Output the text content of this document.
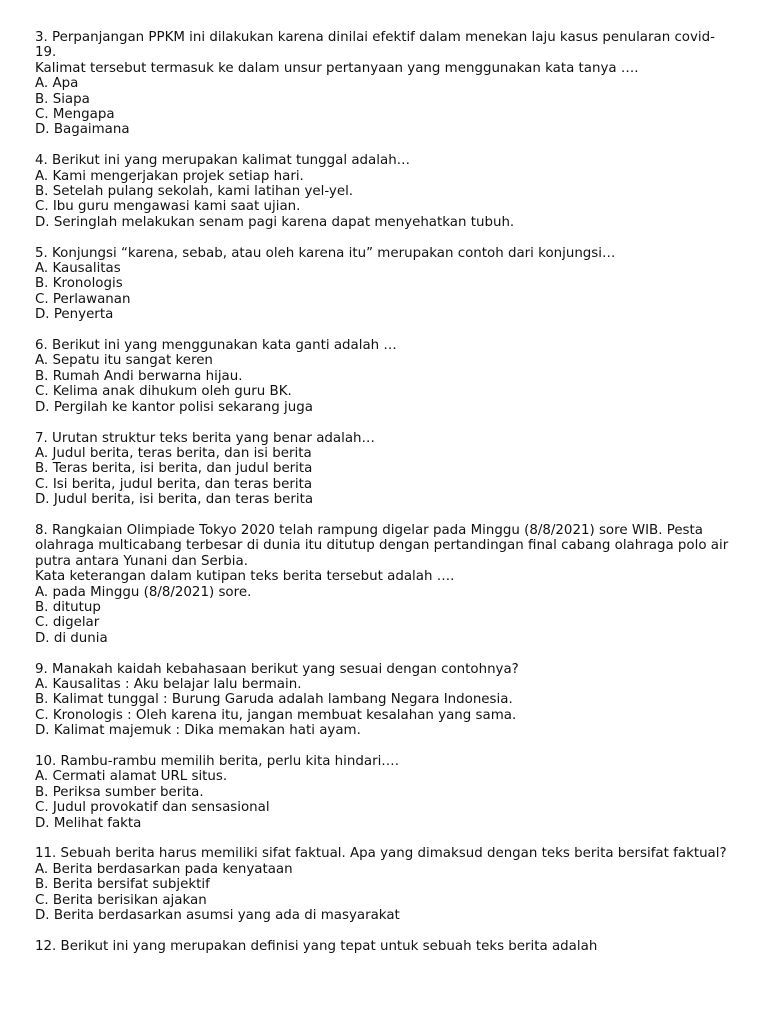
3. Perpanjangan PPKM ini dilakukan karena dinilai efektif dalam menekan laju kasus penularan covid-19.
Kalimat tersebut termasuk ke dalam unsur pertanyaan yang menggunakan kata tanya ….
A. Apa
B. Siapa
C. Mengapa
D. Bagaimana
4. Berikut ini yang merupakan kalimat tunggal adalah…
A. Kami mengerjakan projek setiap hari.
B. Setelah pulang sekolah, kami latihan yel-yel.
C. Ibu guru mengawasi kami saat ujian.
D. Seringlah melakukan senam pagi karena dapat menyehatkan tubuh.
5. Konjungsi “karena, sebab, atau oleh karena itu” merupakan contoh dari konjungsi…
A. Kausalitas
B. Kronologis
C. Perlawanan
D. Penyerta
6. Berikut ini yang menggunakan kata ganti adalah …
A. Sepatu itu sangat keren
B. Rumah Andi berwarna hijau.
C. Kelima anak dihukum oleh guru BK.
D. Pergilah ke kantor polisi sekarang juga
7. Urutan struktur teks berita yang benar adalah…
A. Judul berita, teras berita, dan isi berita
B. Teras berita, isi berita, dan judul berita
C. Isi berita, judul berita, dan teras berita
D. Judul berita, isi berita, dan teras berita
8. Rangkaian Olimpiade Tokyo 2020 telah rampung digelar pada Minggu (8/8/2021) sore WIB. Pesta olahraga multicabang terbesar di dunia itu ditutup dengan pertandingan final cabang olahraga polo air putra antara Yunani dan Serbia.
Kata keterangan dalam kutipan teks berita tersebut adalah ….
A. pada Minggu (8/8/2021) sore.
B. ditutup
C. digelar
D. di dunia
9. Manakah kaidah kebahasaan berikut yang sesuai dengan contohnya?
A. Kausalitas : Aku belajar lalu bermain.
B. Kalimat tunggal : Burung Garuda adalah lambang Negara Indonesia.
C. Kronologis : Oleh karena itu, jangan membuat kesalahan yang sama.
D. Kalimat majemuk : Dika memakan hati ayam.
10. Rambu-rambu memilih berita, perlu kita hindari….
A. Cermati alamat URL situs.
B. Periksa sumber berita.
C. Judul provokatif dan sensasional
D. Melihat fakta
11. Sebuah berita harus memiliki sifat faktual. Apa yang dimaksud dengan teks berita bersifat faktual?
A. Berita berdasarkan pada kenyataan
B. Berita bersifat subjektif
C. Berita berisikan ajakan
D. Berita berdasarkan asumsi yang ada di masyarakat
12. Berikut ini yang merupakan definisi yang tepat untuk sebuah teks berita adalah
